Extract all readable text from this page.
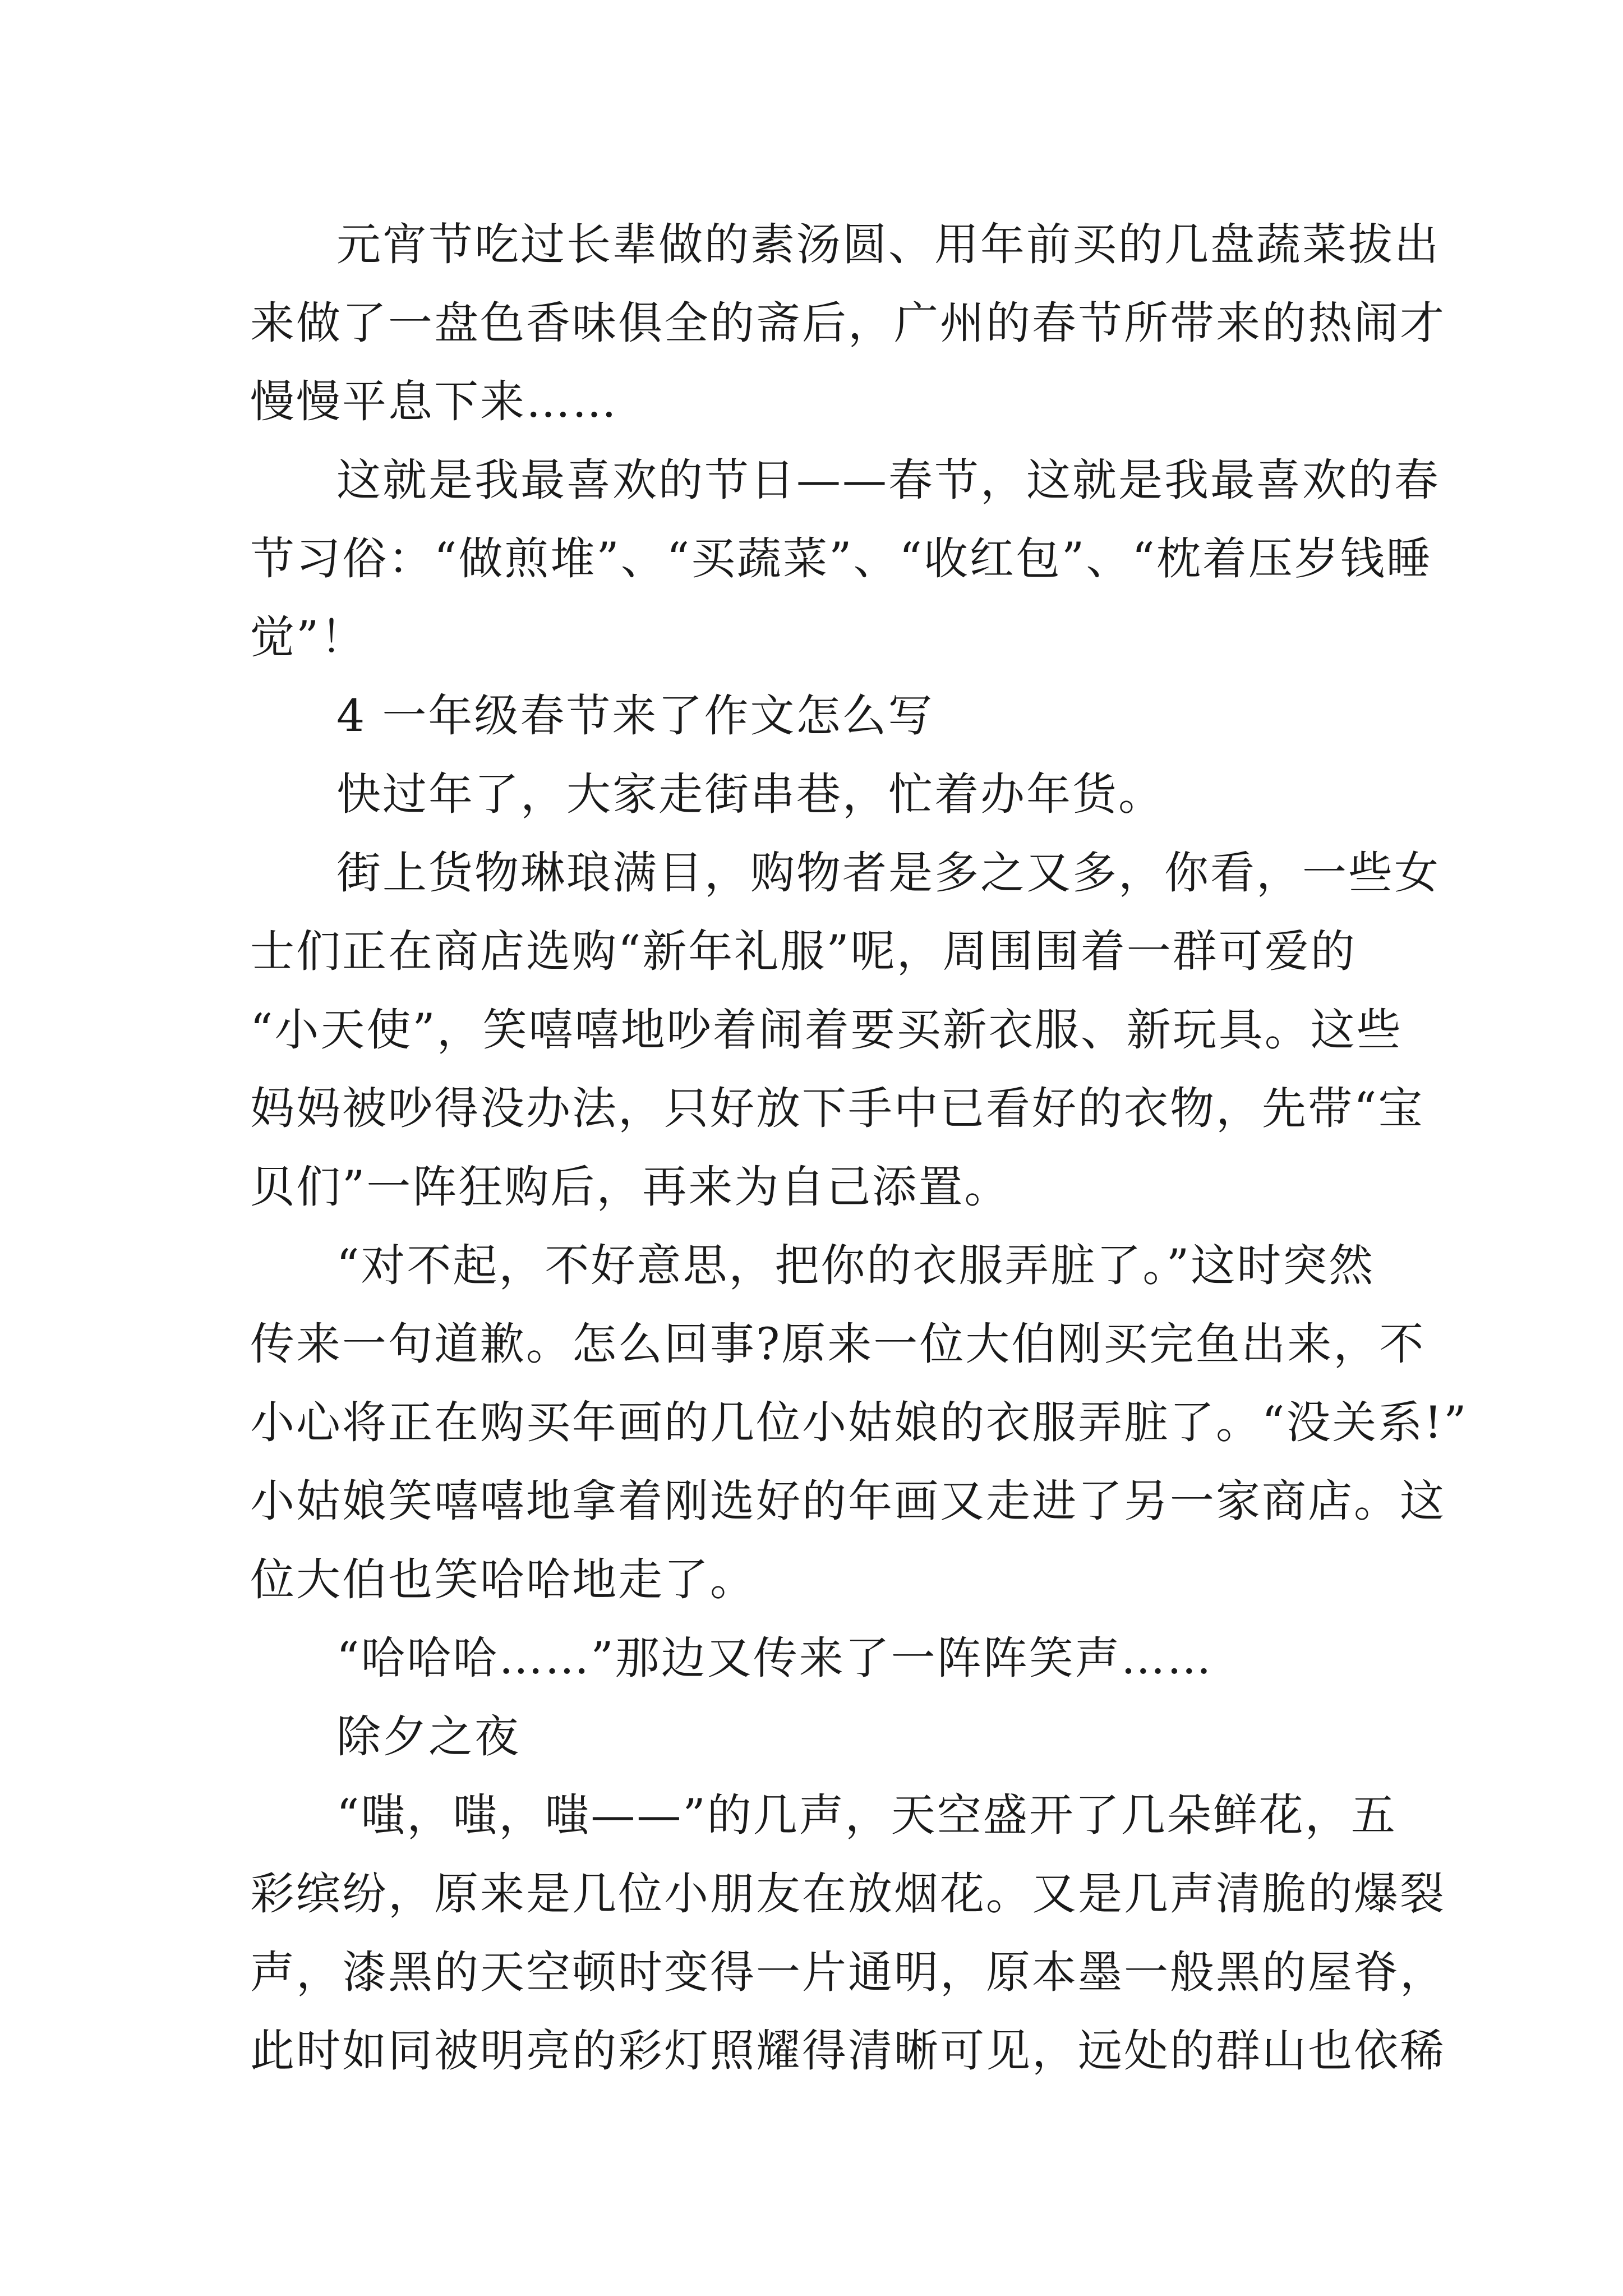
元宵节吃过长辈做的素汤圆、用年前买的几盘蔬菜拔出
来做了一盘色香味俱全的斋后，广州的春节所带来的热闹才
慢慢平息下来……
这就是我最喜欢的节日——春节，这就是我最喜欢的春
节习俗：“做煎堆”、“买蔬菜”、“收红包”、“枕着压岁钱睡
觉”！
4 一年级春节来了作文怎么写
快过年了，大家走街串巷，忙着办年货。
街上货物琳琅满目，购物者是多之又多，你看，一些女
士们正在商店选购“新年礼服”呢，周围围着一群可爱的
“小天使”，笑嘻嘻地吵着闹着要买新衣服、新玩具。这些
妈妈被吵得没办法，只好放下手中已看好的衣物，先带“宝
贝们”一阵狂购后，再来为自己添置。
“对不起，不好意思，把你的衣服弄脏了。”这时突然
传来一句道歉。怎么回事?原来一位大伯刚买完鱼出来，不
小心将正在购买年画的几位小姑娘的衣服弄脏了。“没关系!”
小姑娘笑嘻嘻地拿着刚选好的年画又走进了另一家商店。这
位大伯也笑哈哈地走了。
“哈哈哈……”那边又传来了一阵阵笑声……
除夕之夜
“嗤，嗤，嗤——”的几声，天空盛开了几朵鲜花，五
彩缤纷，原来是几位小朋友在放烟花。又是几声清脆的爆裂
声，漆黑的天空顿时变得一片通明，原本墨一般黑的屋脊，
此时如同被明亮的彩灯照耀得清晰可见，远处的群山也依稀
